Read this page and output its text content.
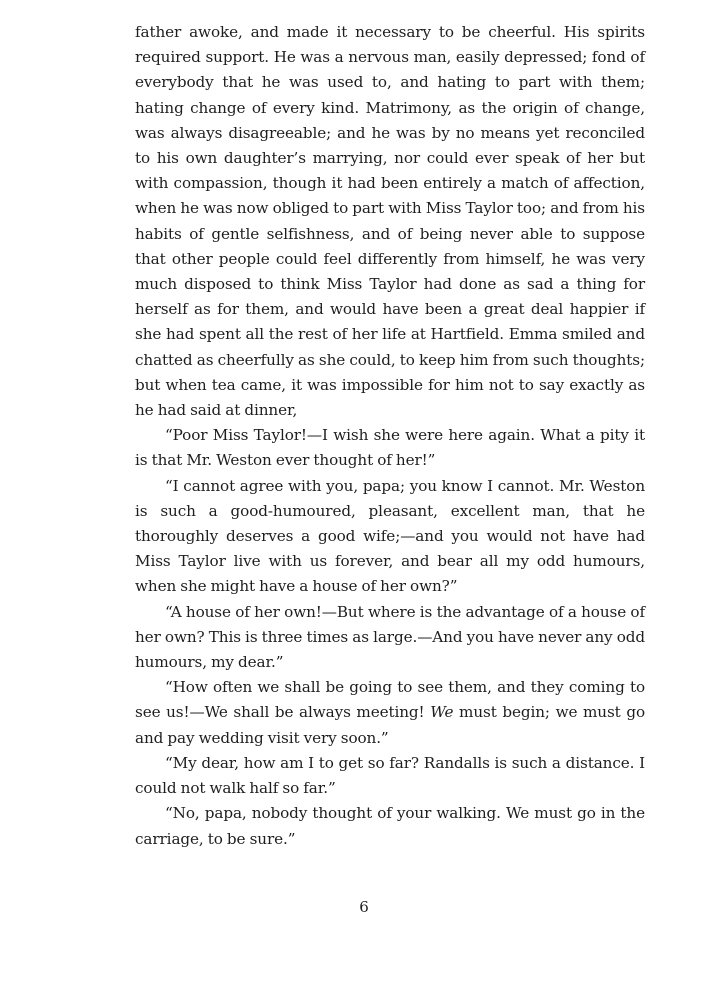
father awoke, and made it necessary to be cheerful. His spirits required support. He was a nervous man, easily depressed; fond of everybody that he was used to, and hating to part with them; hating change of every kind. Matrimony, as the origin of change, was always disagreeable; and he was by no means yet reconciled to his own daughter’s marrying, nor could ever speak of her but with compassion, though it had been entirely a match of affection, when he was now obliged to part with Miss Taylor too; and from his habits of gentle selfishness, and of being never able to suppose that other people could feel differently from himself, he was very much disposed to think Miss Taylor had done as sad a thing for herself as for them, and would have been a great deal happier if she had spent all the rest of her life at Hartfield. Emma smiled and chatted as cheerfully as she could, to keep him from such thoughts; but when tea came, it was impossible for him not to say exactly as he had said at dinner,

“Poor Miss Taylor!—I wish she were here again. What a pity it is that Mr. Weston ever thought of her!”

“I cannot agree with you, papa; you know I cannot. Mr. Weston is such a good-humoured, pleasant, excellent man, that he thoroughly deserves a good wife;—and you would not have had Miss Taylor live with us forever, and bear all my odd humours, when she might have a house of her own?”

“A house of her own!—But where is the advantage of a house of her own? This is three times as large.—And you have never any odd humours, my dear.”

“How often we shall be going to see them, and they coming to see us!—We shall be always meeting! We must begin; we must go and pay wedding visit very soon.”

“My dear, how am I to get so far? Randalls is such a distance. I could not walk half so far.”

“No, papa, nobody thought of your walking. We must go in the carriage, to be sure.”

6
